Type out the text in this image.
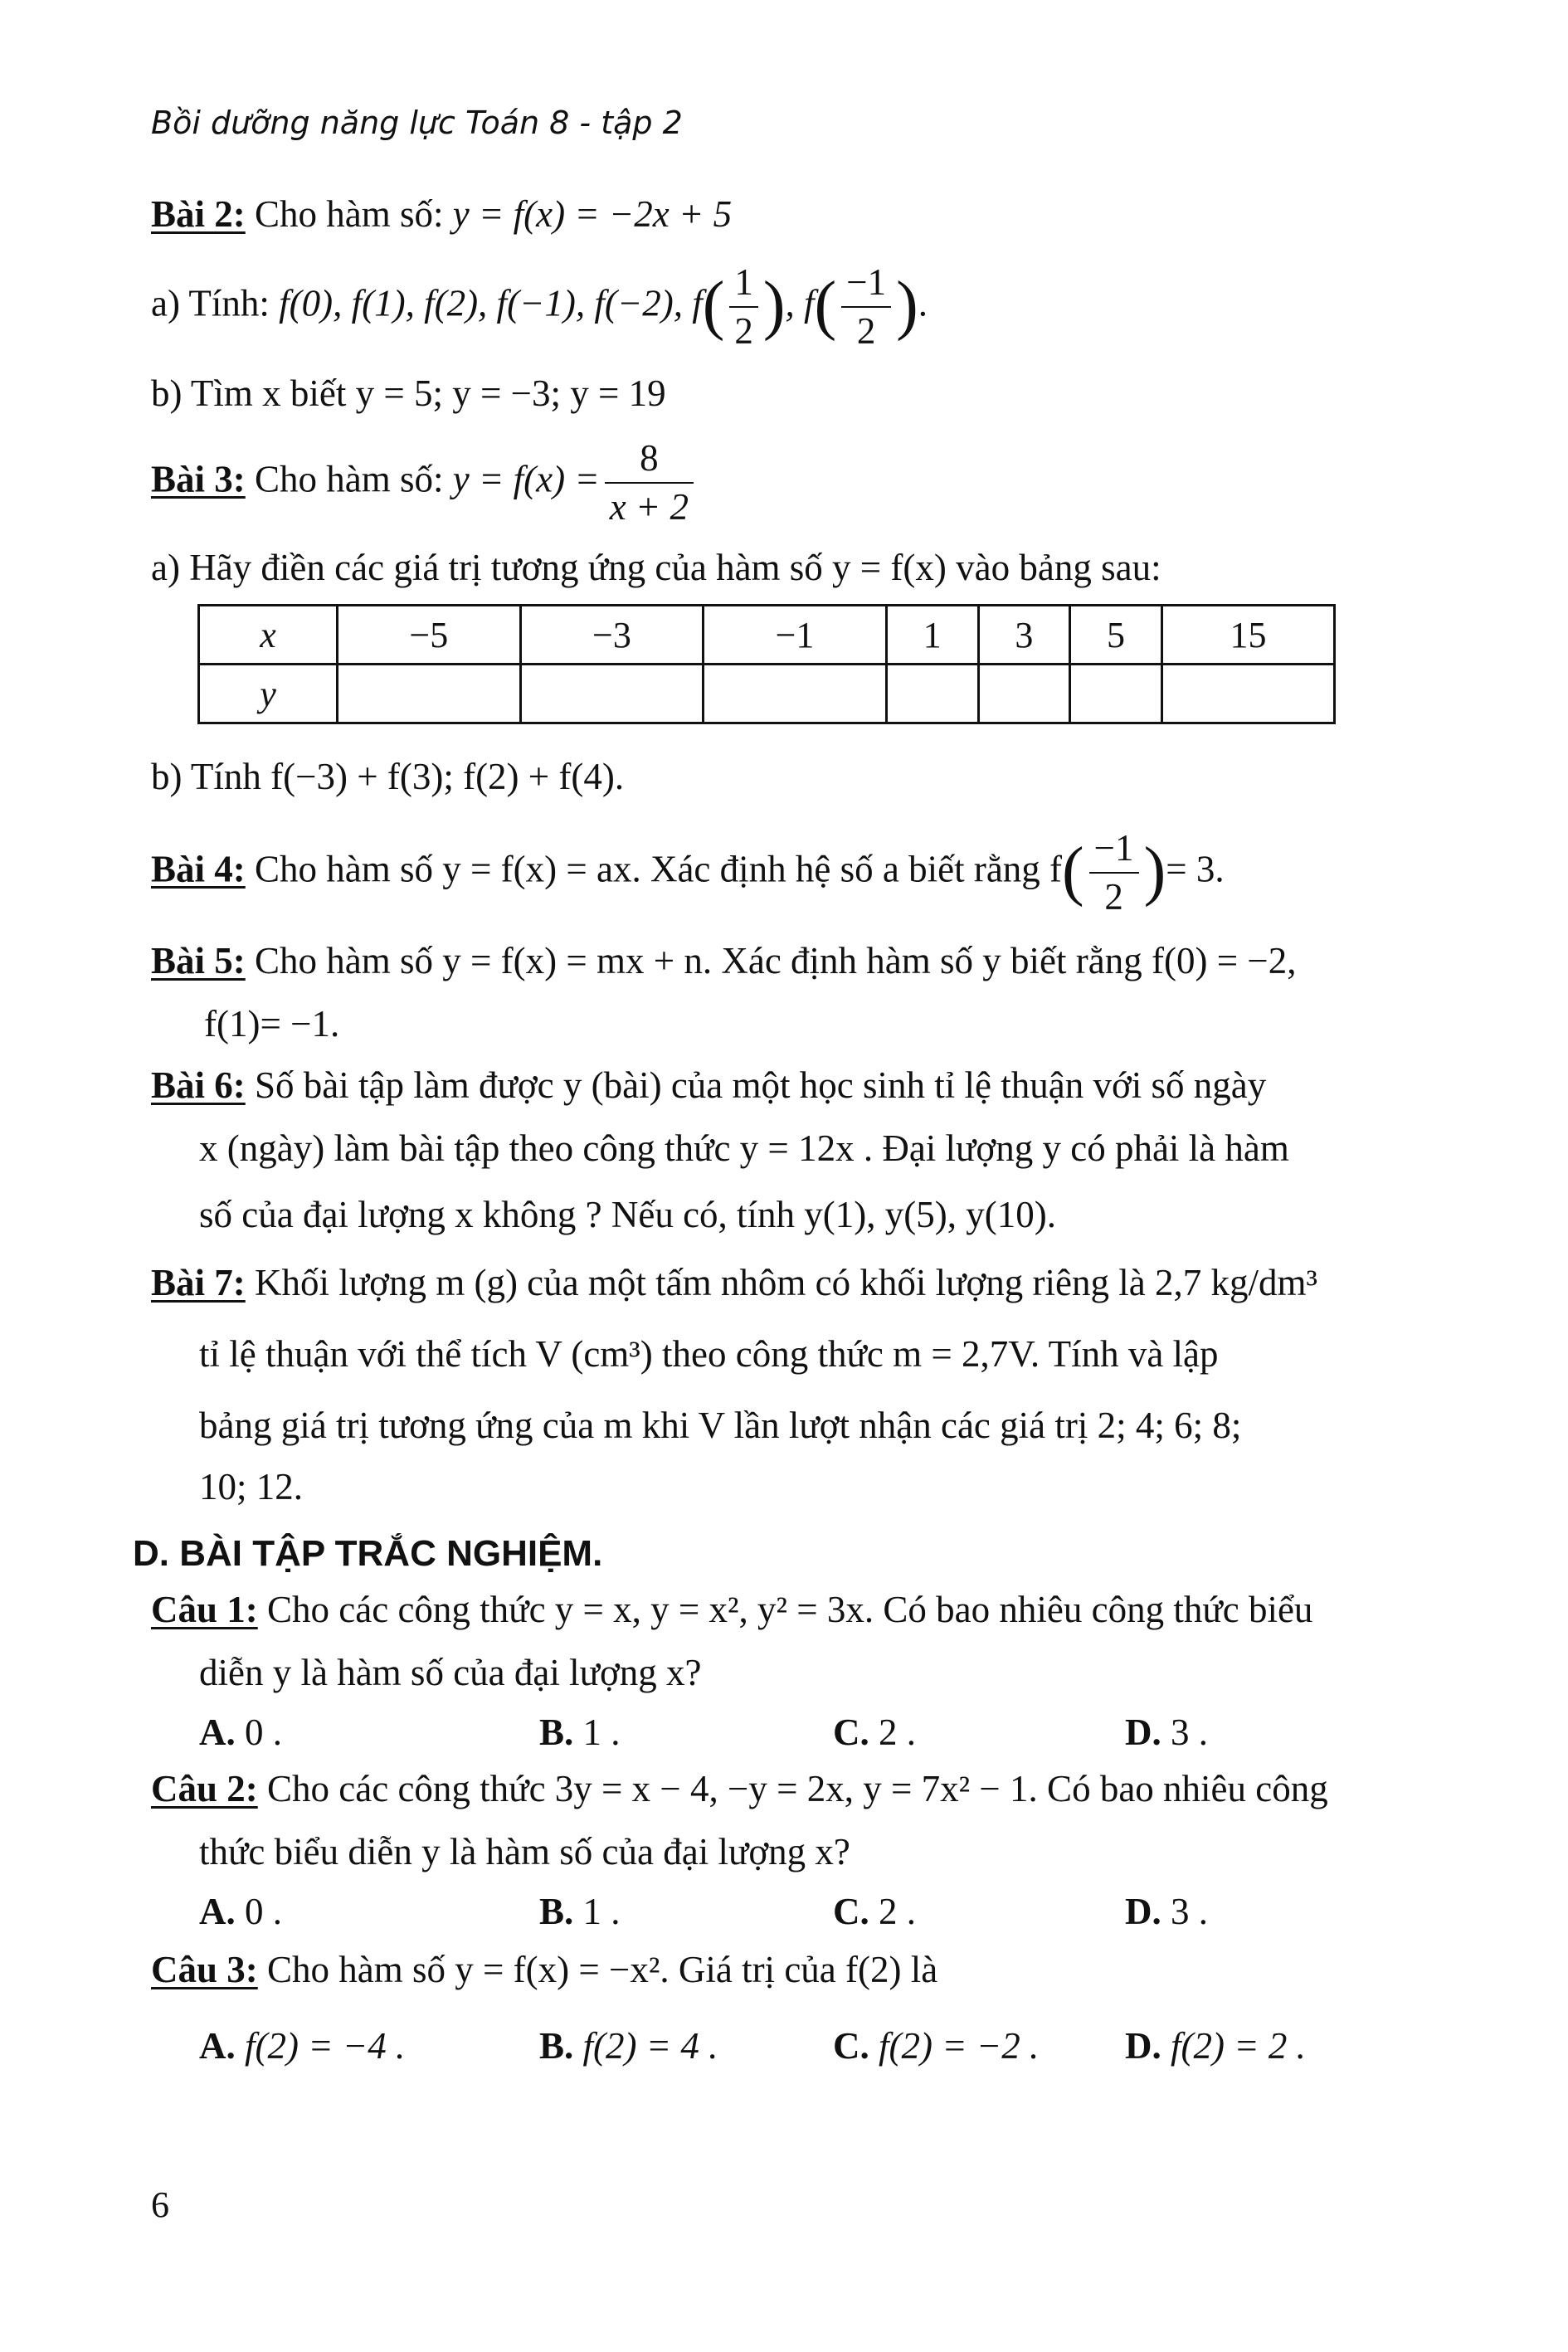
Bồi dưỡng năng lực Toán 8 - tập 2
Bài 2: Cho hàm số: y = f(x) = −2x + 5
a) Tính: f(0), f(1), f(2), f(−1), f(−2), $f( \frac{1}{2}$ ), $f( \frac{-1}{2}$ ).
b) Tìm x biết y = 5; y = −3; y = 19
Bài 3: Cho hàm số: $y = f(x) = \frac{8}{x + 2}$
a) Hãy điền các giá trị tương ứng của hàm số y = f(x) vào bảng sau:
x	−5	−3	−1	1	3	5	15
y							
b) Tính f(−3) + f(3); f(2) + f(4).
Bài 4: Cho hàm số y = f(x) = ax. Xác định hệ số a biết rằng $f( \frac{-1}{2}$ )= 3.
Bài 5: Cho hàm số y = f(x) = mx + n. Xác định hàm số y biết rằng f(0) = −2,
f(1)= −1.
Bài 6: Số bài tập làm được y (bài) của một học sinh tỉ lệ thuận với số ngày
x (ngày) làm bài tập theo công thức y = 12x . Đại lượng y có phải là hàm
số của đại lượng x không ? Nếu có, tính y(1), y(5), y(10).
Bài 7: Khối lượng m (g) của một tấm nhôm có khối lượng riêng là 2,7 kg/dm³
tỉ lệ thuận với thể tích V (cm³) theo công thức m = 2,7V. Tính và lập
bảng giá trị tương ứng của m khi V lần lượt nhận các giá trị 2; 4; 6; 8;
10; 12.
D. BÀI TẬP TRẮC NGHIỆM.
Câu 1: Cho các công thức y = x, y = x², y² = 3x. Có bao nhiêu công thức biểu
diễn y là hàm số của đại lượng x?
A. 0 .	B. 1 .	C. 2 .	D. 3 .
Câu 2: Cho các công thức 3y = x − 4, −y = 2x, y = 7x² − 1. Có bao nhiêu công
thức biểu diễn y là hàm số của đại lượng x?
A. 0 .	B. 1 .	C. 2 .	D. 3 .
Câu 3: Cho hàm số y = f(x) = −x². Giá trị của f(2) là
A. f(2) = −4 .	B. f(2) = 4 .	C. f(2) = −2 . D. f(2) = 2 .
6
